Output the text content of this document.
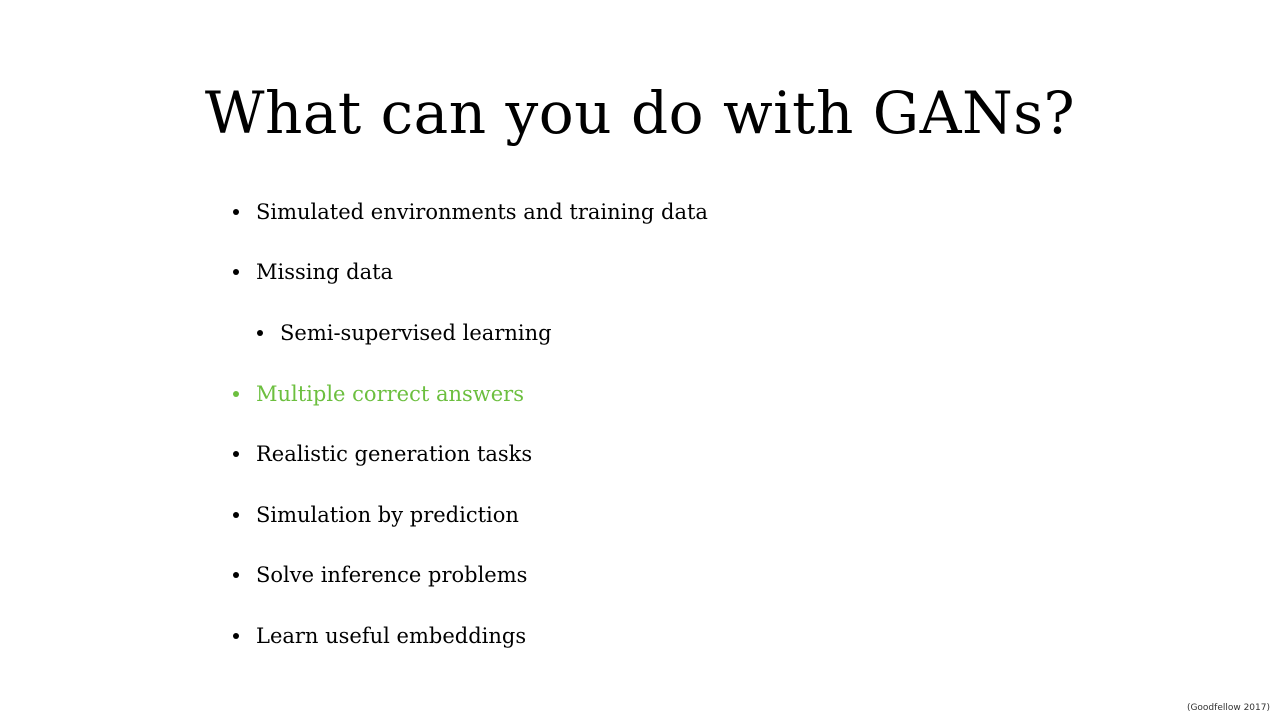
What can you do with GANs?
Simulated environments and training data
Missing data
Semi-supervised learning
Multiple correct answers
Realistic generation tasks
Simulation by prediction
Solve inference problems
Learn useful embeddings
(Goodfellow 2017)
